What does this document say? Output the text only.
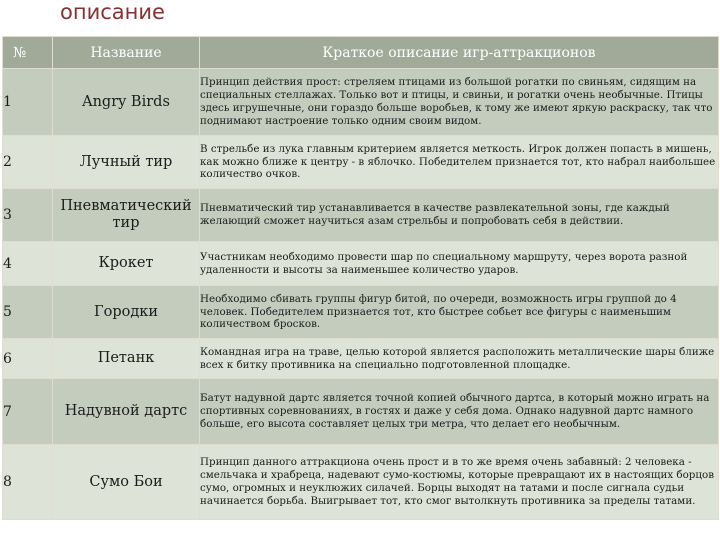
описание
№	Название	Краткое описание игр-аттракционов
1	Angry Birds	Принцип действия прост: стреляем птицами из большой рогатки по свиньям, сидящим на специальных стеллажах. Только вот и птицы, и свиньи, и рогатки очень необычные. Птицы здесь игрушечные, они гораздо больше воробьев, к тому же имеют яркую раскраску, так что поднимают настроение только одним своим видом.
2	Лучный тир	В стрельбе из лука главным критерием является меткость. Игрок должен попасть в мишень, как можно ближе к центру - в яблочко. Победителем признается тот, кто набрал наибольшее количество очков.
3	Пневматический тир	Пневматический тир устанавливается в качестве развлекательной зоны, где каждый желающий сможет научиться азам стрельбы и попробовать себя в действии.
4	Крокет	Участникам необходимо провести шар по специальному маршруту, через ворота разной удаленности и высоты за наименьшее количество ударов.
5	Городки	Необходимо сбивать группы фигур битой, по очереди, возможность игры группой до 4 человек. Победителем признается тот, кто быстрее собьет все фигуры с наименьшим количеством бросков.
6	Петанк	Командная игра на траве, целью которой является расположить металлические шары ближе всех к битку противника на специально подготовленной площадке.
7	Надувной дартс	Батут надувной дартс является точной копией обычного дартса, в который можно играть на спортивных соревнованиях, в гостях и даже у себя дома. Однако надувной дартс намного больше, его высота составляет целых три метра, что делает его необычным.
8	Сумо Бои	Принцип данного аттракциона очень прост и в то же время очень забавный: 2 человека - смельчака и храбреца, надевают сумо-костюмы, которые превращают их в настоящих борцов сумо, огромных и неуклюжих силачей. Борцы выходят на татами и после сигнала судьи начинается борьба. Выигрывает тот, кто смог вытолкнуть противника за пределы татами.
